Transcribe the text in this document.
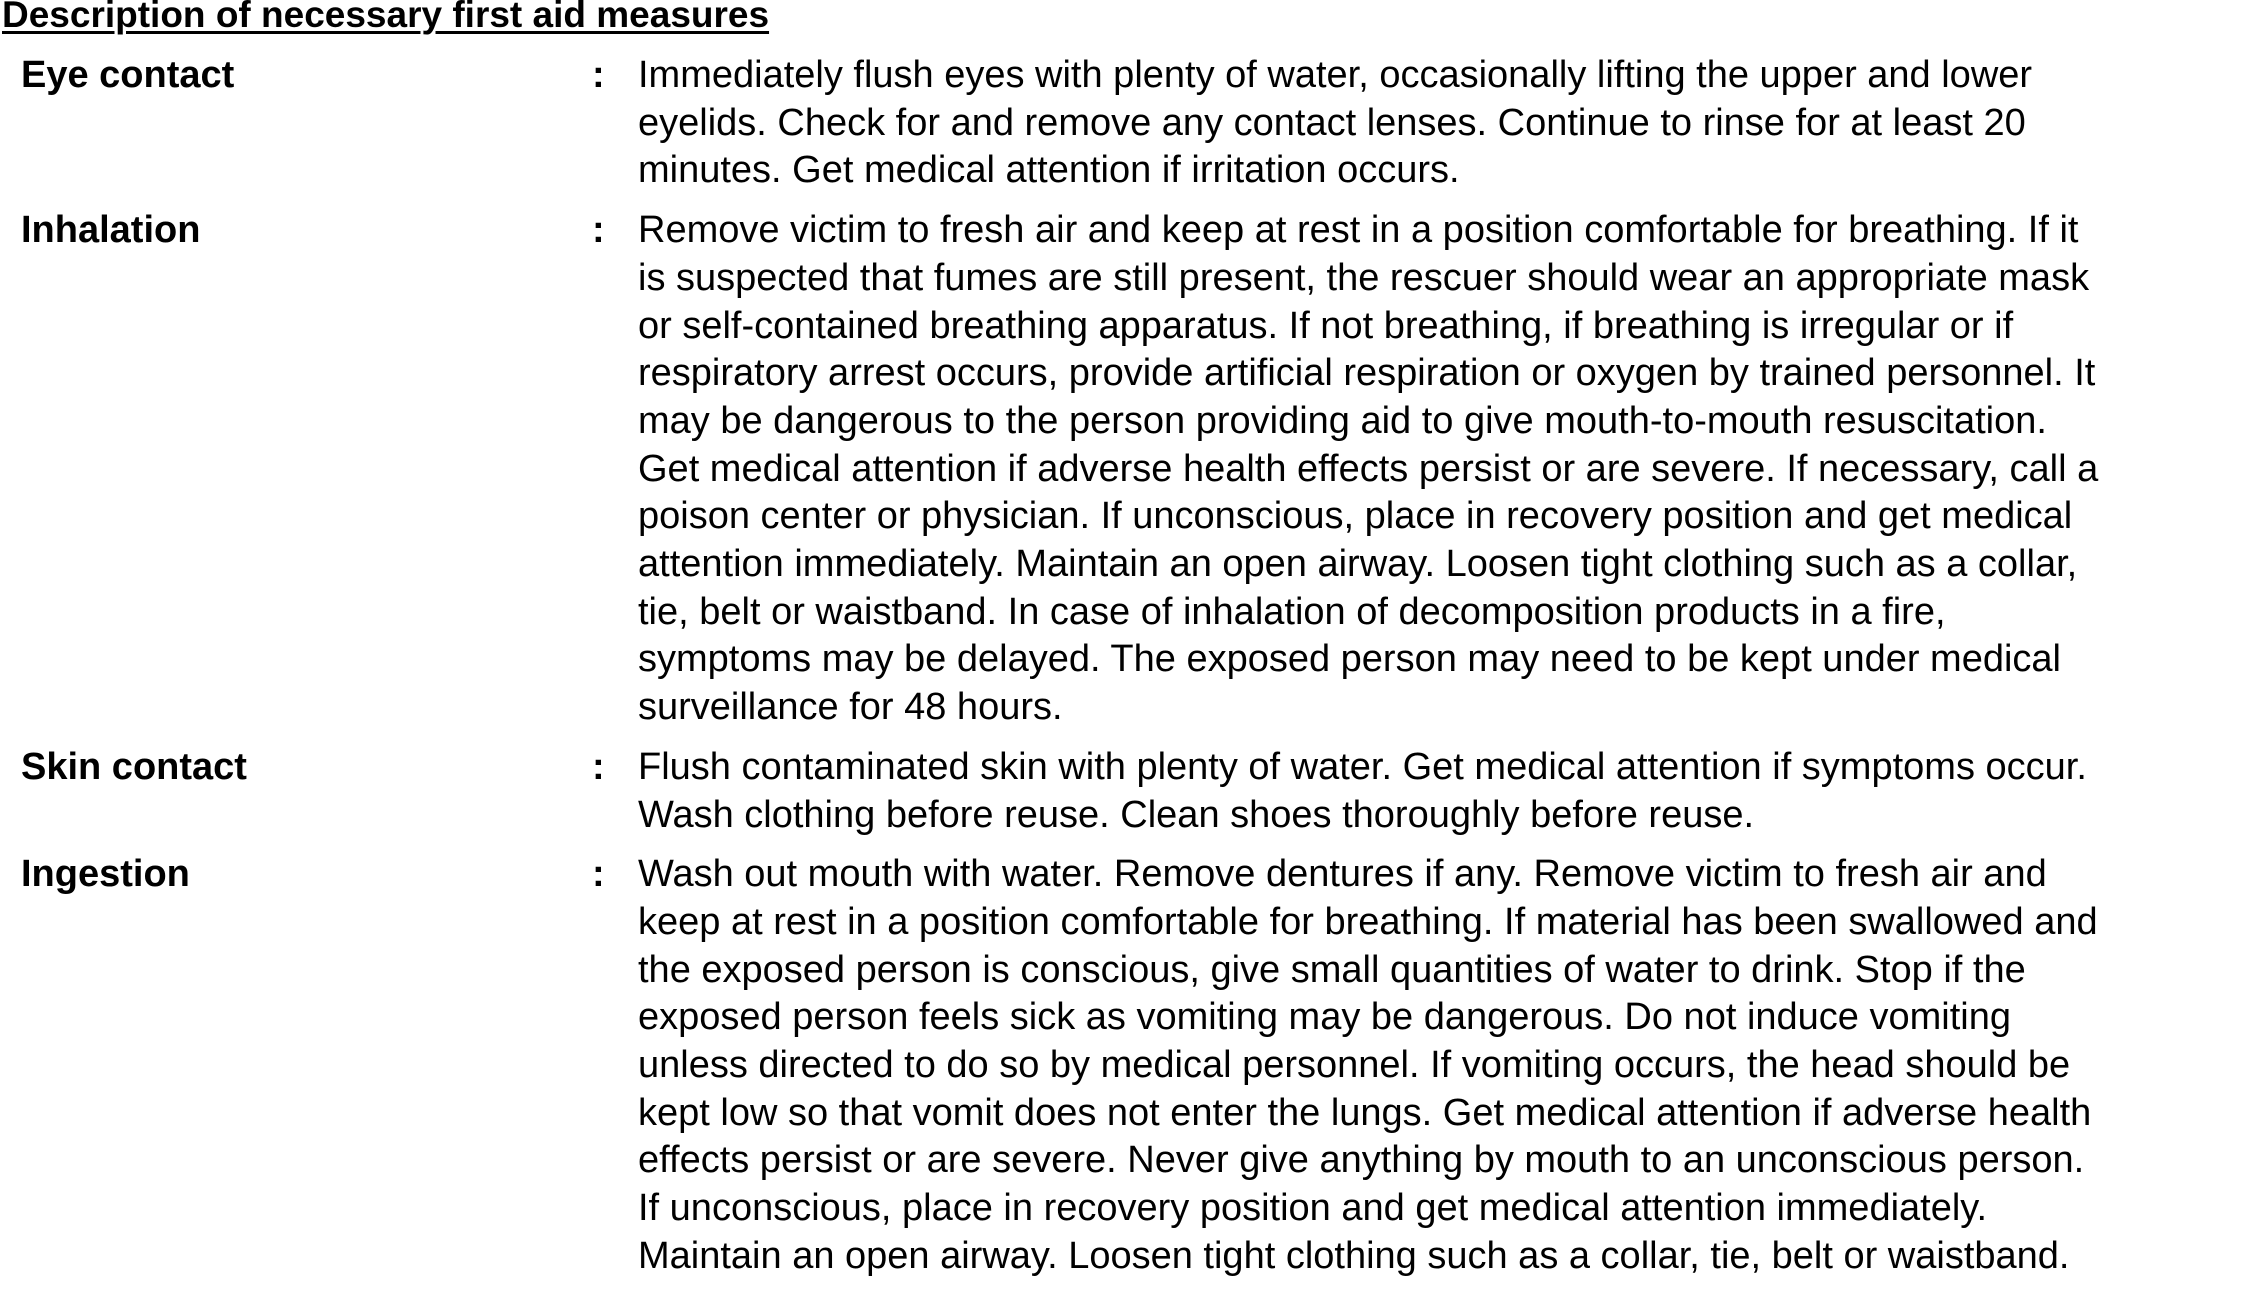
Description of necessary first aid measures
Eye contact	: Immediately flush eyes with plenty of water, occasionally lifting the upper and lower
eyelids. Check for and remove any contact lenses. Continue to rinse for at least 20
minutes. Get medical attention if irritation occurs.
Inhalation	: Remove victim to fresh air and keep at rest in a position comfortable for breathing. If it
is suspected that fumes are still present, the rescuer should wear an appropriate mask
or self-contained breathing apparatus. If not breathing, if breathing is irregular or if
respiratory arrest occurs, provide artificial respiration or oxygen by trained personnel. It
may be dangerous to the person providing aid to give mouth-to-mouth resuscitation.
Get medical attention if adverse health effects persist or are severe. If necessary, call a
poison center or physician. If unconscious, place in recovery position and get medical
attention immediately. Maintain an open airway. Loosen tight clothing such as a collar,
tie, belt or waistband. In case of inhalation of decomposition products in a fire,
symptoms may be delayed. The exposed person may need to be kept under medical
surveillance for 48 hours.
Skin contact	: Flush contaminated skin with plenty of water. Get medical attention if symptoms occur.
Wash clothing before reuse. Clean shoes thoroughly before reuse.
Ingestion	: Wash out mouth with water. Remove dentures if any. Remove victim to fresh air and
keep at rest in a position comfortable for breathing. If material has been swallowed and
the exposed person is conscious, give small quantities of water to drink. Stop if the
exposed person feels sick as vomiting may be dangerous. Do not induce vomiting
unless directed to do so by medical personnel. If vomiting occurs, the head should be
kept low so that vomit does not enter the lungs. Get medical attention if adverse health
effects persist or are severe. Never give anything by mouth to an unconscious person.
If unconscious, place in recovery position and get medical attention immediately.
Maintain an open airway. Loosen tight clothing such as a collar, tie, belt or waistband.
